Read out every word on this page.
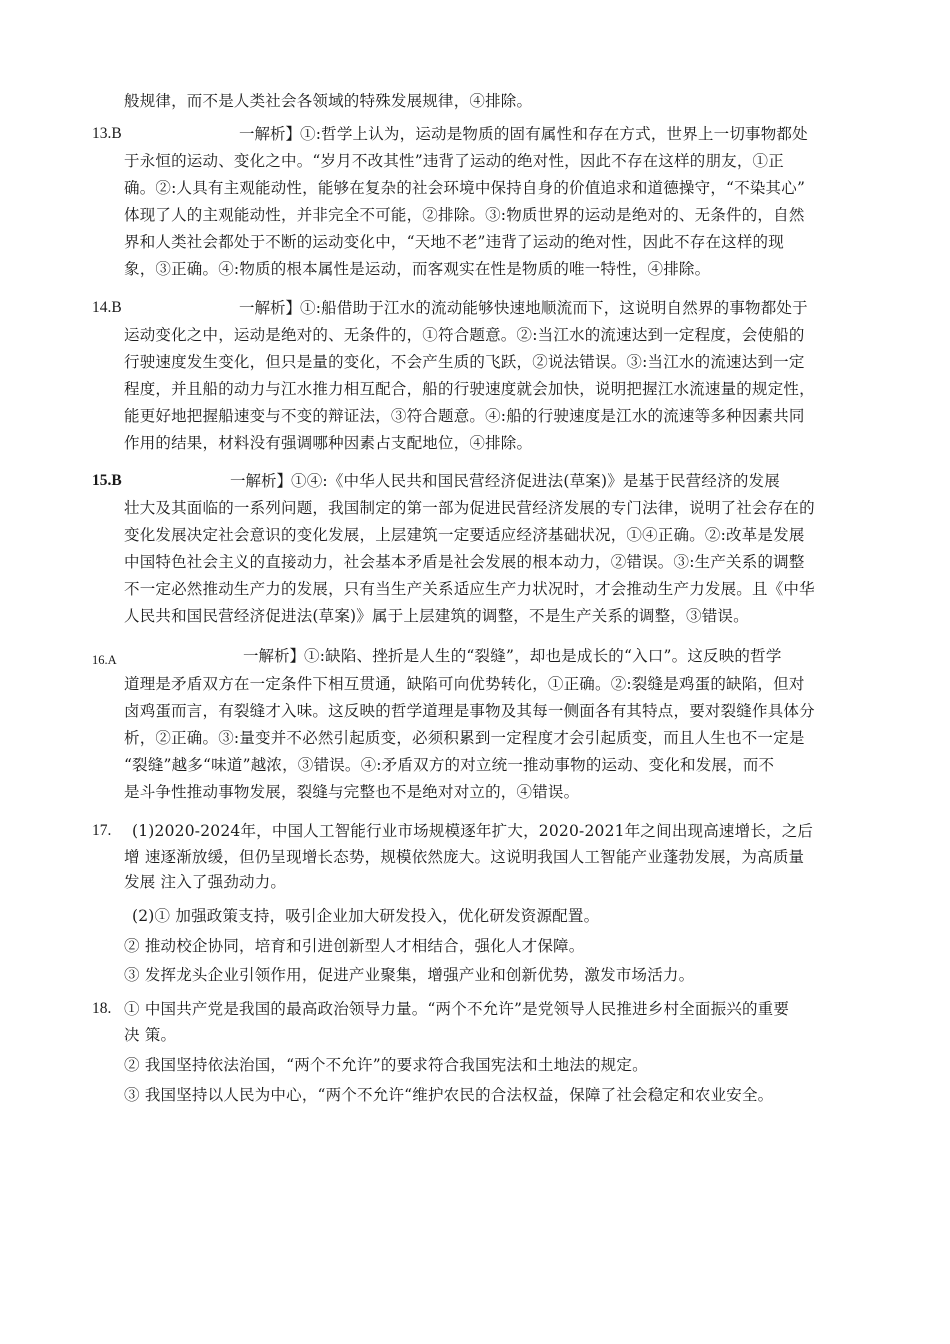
般规律，而不是人类社会各领域的特殊发展规律，④排除。
13.B	一解析】
①:哲学上认为，运动是物质的固有属性和存在方式，世界上一切事物都处
于永恒的运动、变化之中。“岁月不改其性”违背了运动的绝对性，因此不存在这样的朋友，①正
确。②:人具有主观能动性，能够在复杂的社会环境中保持自身的价值追求和道德操守，“不染其心”
体现了人的主观能动性，并非完全不可能，②排除。③:物质世界的运动是绝对的、无条件的，自然
界和人类社会都处于不断的运动变化中，“天地不老”违背了运动的绝对性，因此不存在这样的现
象，③正确。④:物质的根本属性是运动，而客观实在性是物质的唯一特性，④排除。
14.B	一解析】
①:船借助于江水的流动能够快速地顺流而下，这说明自然界的事物都处于
运动变化之中，运动是绝对的、无条件的，①符合题意。②:当江水的流速达到一定程度，会使船的
行驶速度发生变化，但只是量的变化，不会产生质的飞跃，②说法错误。③:当江水的流速达到一定
程度，并且船的动力与江水推力相互配合，船的行驶速度就会加快，说明把握江水流速量的规定性，
能更好地把握船速变与不变的辩证法，③符合题意。④:船的行驶速度是江水的流速等多种因素共同
作用的结果，材料没有强调哪种因素占支配地位，④排除。
15.B	一解析】
①④:《中华人民共和国民营经济促进法(草案)》是基于民营经济的发展
壮大及其面临的一系列问题，我国制定的第一部为促进民营经济发展的专门法律，说明了社会存在的
变化发展决定社会意识的变化发展，上层建筑一定要适应经济基础状况，①④正确。②:改革是发展
中国特色社会主义的直接动力，社会基本矛盾是社会发展的根本动力，②错误。③:生产关系的调整
不一定必然推动生产力的发展，只有当生产关系适应生产力状况时，才会推动生产力发展。且《中华
人民共和国民营经济促进法(草案)》属于上层建筑的调整，不是生产关系的调整，③错误。
16.A	一解析】
①:缺陷、挫折是人生的“裂缝”，却也是成长的“入口”。这反映的哲学
道理是矛盾双方在一定条件下相互贯通，缺陷可向优势转化，①正确。②:裂缝是鸡蛋的缺陷，但对
卤鸡蛋而言，有裂缝才入味。这反映的哲学道理是事物及其每一侧面各有其特点，要对裂缝作具体分
析，②正确。③:量变并不必然引起质变，必须积累到一定程度才会引起质变，而且人生也不一定是
“裂缝”越多“味道”越浓，③错误。④:矛盾双方的对立统一推动事物的运动、变化和发展，而不
是斗争性推动事物发展，裂缝与完整也不是绝对对立的，④错误。
17. (1)2020-2024年，中国人工智能行业市场规模逐年扩大，2020-2021年之间出现高速增长，之后
增 速逐渐放缓，但仍呈现增长态势，规模依然庞大。这说明我国人工智能产业蓬勃发展，为高质量
发展 注入了强劲动力。
(2)① 加强政策支持，吸引企业加大研发投入，优化研发资源配置。
② 推动校企协同，培育和引进创新型人才相结合，强化人才保障。
③ 发挥龙头企业引领作用，促进产业聚集，增强产业和创新优势，激发市场活力。
18. ① 中国共产党是我国的最高政治领导力量。“两个不允许”是党领导人民推进乡村全面振兴的重要
决 策。
② 我国坚持依法治国，“两个不允许”的要求符合我国宪法和土地法的规定。
③ 我国坚持以人民为中心，“两个不允许“维护农民的合法权益，保障了社会稳定和农业安全。
